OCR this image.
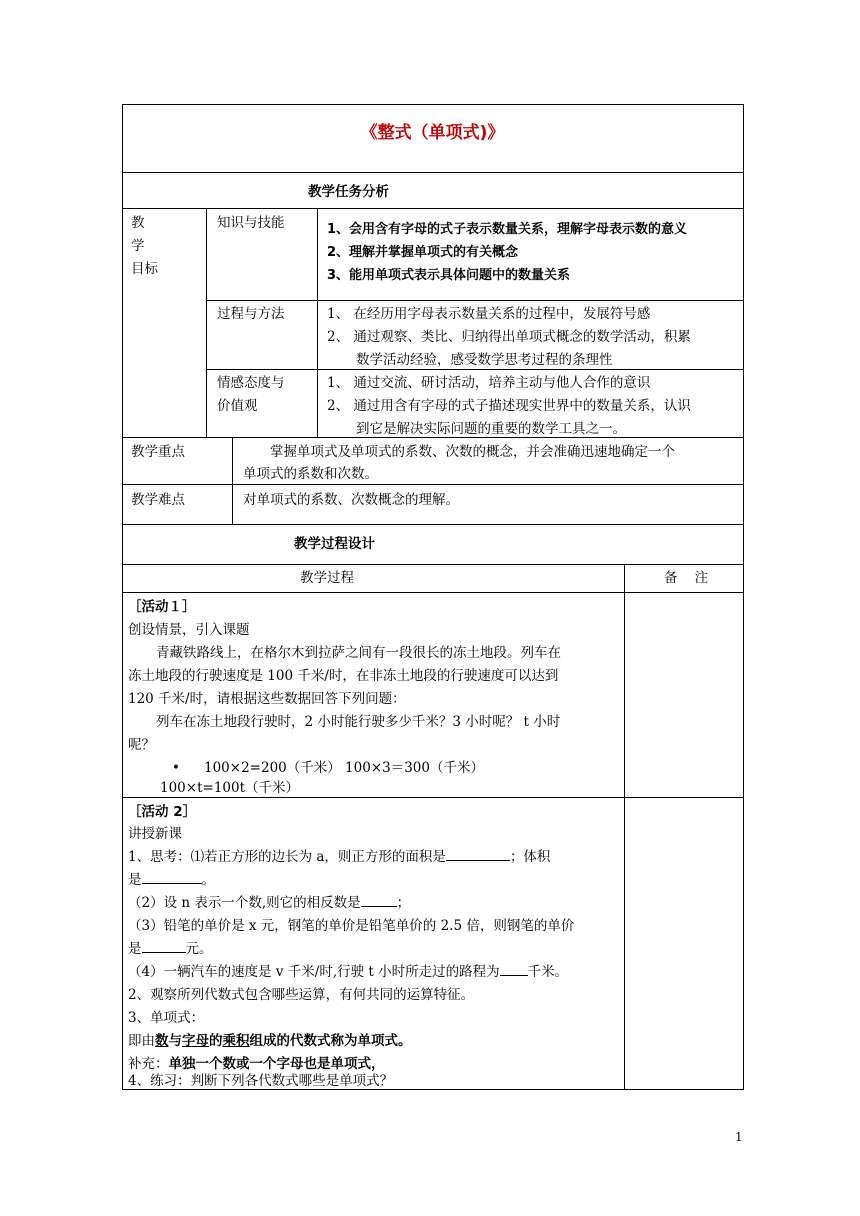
《整式（单项式)》
教学任务分析
教
学
目标
知识与技能	1、会用含有字母的式子表示数量关系，理解字母表示数的意义
2、理解并掌握单项式的有关概念
3、能用单项式表示具体问题中的数量关系
过程与方法	1、 在经历用字母表示数量关系的过程中，发展符号感
2、 通过观察、类比、归纳得出单项式概念的数学活动，积累
数学活动经验，感受数学思考过程的条理性
情感态度与
价值观
1、 通过交流、研讨活动，培养主动与他人合作的意识
2、 通过用含有字母的式子描述现实世界中的数量关系，认识
到它是解决实际问题的重要的数学工具之一。
教学重点	掌握单项式及单项式的系数、次数的概念，并会准确迅速地确定一个
单项式的系数和次数。
教学难点	对单项式的系数、次数概念的理解。
教学过程设计
教学过程	备    注
［活动１］
创设情景，引入课题
青藏铁路线上，在格尔木到拉萨之间有一段很长的冻土地段。列车在
冻土地段的行驶速度是 100 千米/时，在非冻土地段的行驶速度可以达到
120 千米/时，请根据这些数据回答下列问题：
列车在冻土地段行驶时，2 小时能行驶多少千米？3 小时呢？ t 小时
呢？
• 100×2=200（千米） 100×3＝300（千米）
100×t=100t（千米）
［活动 2］
讲授新课
1、思考：⑴若正方形的边长为 a，则正方形的面积是	；体积
是	。
（2）设 n 表示一个数,则它的相反数是	；
（3）铅笔的单价是 x 元，钢笔的单价是铅笔单价的 2.5 倍，则钢笔的单价
是	元。
（4）一辆汽车的速度是 v 千米/时,行驶 t 小时所走过的路程为 千米。
2、观察所列代数式包含哪些运算，有何共同的运算特征。
3、单项式：
即由数与字母的乘积组成的代数式称为单项式。
补充：单独一个数或一个字母也是单项式，
4、练习：判断下列各代数式哪些是单项式？
1
